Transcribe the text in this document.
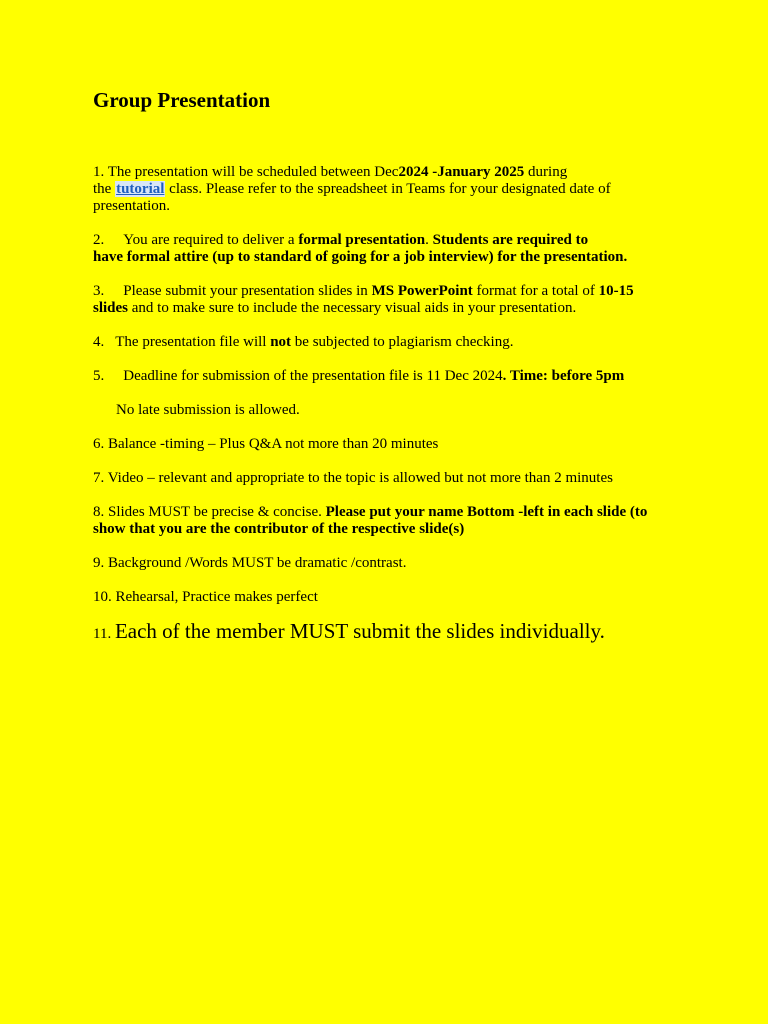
Group Presentation
1. The presentation will be scheduled between Dec2024 -January 2025 during
the tutorial class. Please refer to the spreadsheet in Teams for your designated date of
presentation.
2. You are required to deliver a formal presentation. Students are required to
have formal attire (up to standard of going for a job interview) for the presentation.
3. Please submit your presentation slides in MS PowerPoint format for a total of 10-15
slides and to make sure to include the necessary visual aids in your presentation.
4. The presentation file will not be subjected to plagiarism checking.
5. Deadline for submission of the presentation file is 11 Dec 2024. Time: before 5pm
No late submission is allowed.
6. Balance -timing – Plus Q&A not more than 20 minutes
7. Video – relevant and appropriate to the topic is allowed but not more than 2 minutes
8. Slides MUST be precise & concise. Please put your name Bottom -left in each slide (to
show that you are the contributor of the respective slide(s)
9. Background /Words MUST be dramatic /contrast.
10. Rehearsal, Practice makes perfect
11. Each of the member MUST submit the slides individually.
